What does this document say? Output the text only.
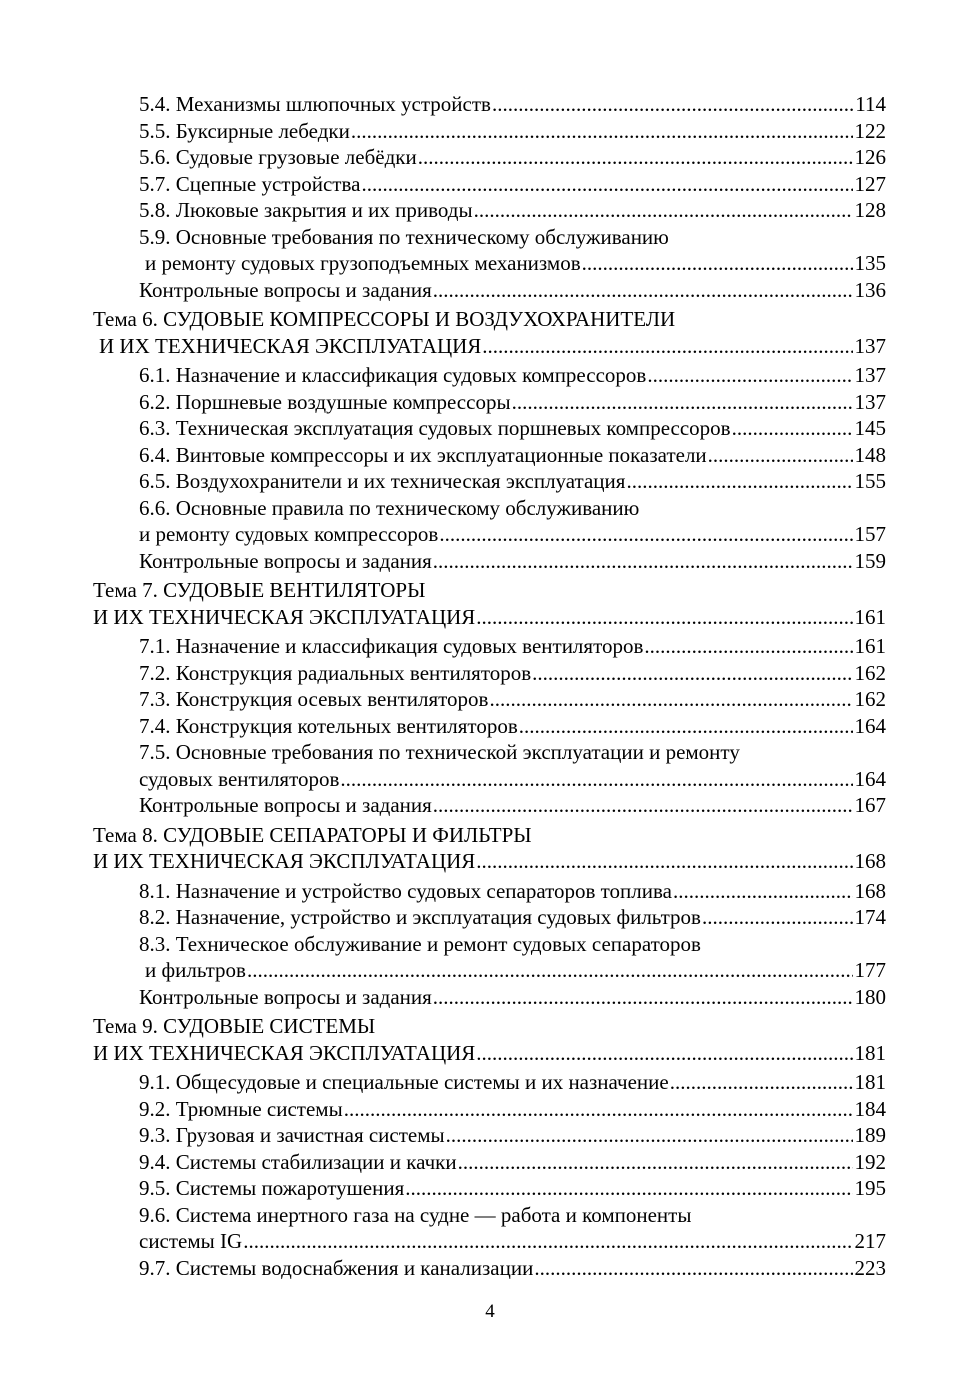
5.4. Механизмы шлюпочных устройств .....	114
5.5. Буксирные лебедки .....	122
5.6. Судовые грузовые лебёдки .....	126
5.7. Сцепные устройства .....	127
5.8. Люковые закрытия и их приводы .....	128
5.9. Основные требования по техническому обслуживанию
и ремонту судовых грузоподъемных механизмов .....	135
Контрольные вопросы и задания .....	136
Тема 6. СУДОВЫЕ КОМПРЕССОРЫ И ВОЗДУХОХРАНИТЕЛИ
И ИХ ТЕХНИЧЕСКАЯ ЭКСПЛУАТАЦИЯ .....	137
6.1. Назначение и классификация судовых компрессоров .....	137
6.2. Поршневые воздушные компрессоры .....	137
6.3. Техническая эксплуатация судовых поршневых компрессоров .....	145
6.4. Винтовые компрессоры и их эксплуатационные показатели .....	148
6.5. Воздухохранители и их техническая эксплуатация .....	155
6.6. Основные правила по техническому обслуживанию
и ремонту судовых компрессоров .....	157
Контрольные вопросы и задания .....	159
Тема 7. СУДОВЫЕ ВЕНТИЛЯТОРЫ
И ИХ ТЕХНИЧЕСКАЯ ЭКСПЛУАТАЦИЯ .....	161
7.1. Назначение и классификация судовых вентиляторов .....	161
7.2. Конструкция радиальных вентиляторов .....	162
7.3. Конструкция осевых вентиляторов .....	162
7.4. Конструкция котельных вентиляторов .....	164
7.5. Основные требования по технической эксплуатации и ремонту
судовых вентиляторов .....	164
Контрольные вопросы и задания .....	167
Тема 8. СУДОВЫЕ СЕПАРАТОРЫ И ФИЛЬТРЫ
И ИХ ТЕХНИЧЕСКАЯ ЭКСПЛУАТАЦИЯ .....	168
8.1. Назначение и устройство судовых сепараторов топлива .....	168
8.2. Назначение, устройство и эксплуатация судовых фильтров .....	174
8.3. Техническое обслуживание и ремонт судовых сепараторов
и фильтров .....	177
Контрольные вопросы и задания .....	180
Тема 9. СУДОВЫЕ СИСТЕМЫ
И ИХ ТЕХНИЧЕСКАЯ ЭКСПЛУАТАЦИЯ .....	181
9.1. Общесудовые и специальные системы и их назначение .....	181
9.2. Трюмные системы .....	184
9.3. Грузовая и зачистная системы .....	189
9.4. Системы стабилизации и качки .....	192
9.5. Системы пожаротушения .....	195
9.6. Система инертного газа на судне — работа и компоненты
системы IG .....	217
9.7. Системы водоснабжения и канализации .....	223
4
